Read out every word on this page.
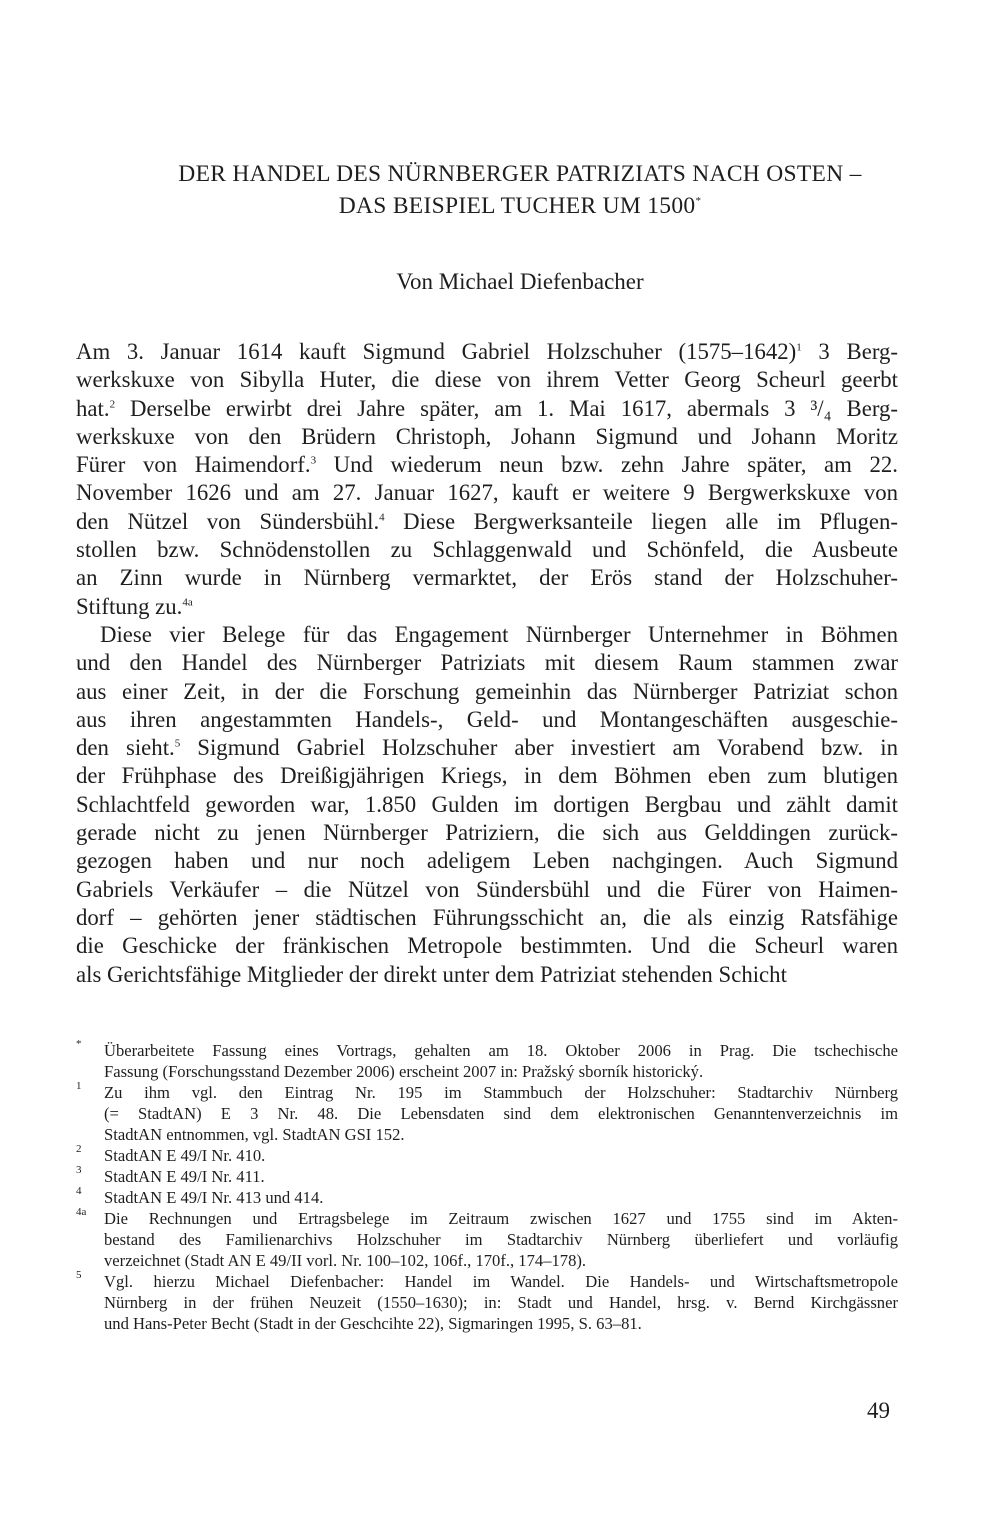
DER HANDEL DES NÜRNBERGER PATRIZIATS NACH OSTEN –
DAS BEISPIEL TUCHER UM 1500*
Von Michael Diefenbacher
Am 3. Januar 1614 kauft Sigmund Gabriel Holzschuher (1575–1642)$^1$ 3 Berg-
werkskuxe von Sibylla Huter, die diese von ihrem Vetter Georg Scheurl geerbt
hat.$^2$ Derselbe erwirbt drei Jahre später, am 1. Mai 1617, abermals 3 ³/₄ Berg-
werkskuxe von den Brüdern Christoph, Johann Sigmund und Johann Moritz
Fürer von Haimendorf.$^3$ Und wiederum neun bzw. zehn Jahre später, am 22.
November 1626 und am 27. Januar 1627, kauft er weitere 9 Bergwerkskuxe von
den Nützel von Sündersbühl.$^4$ Diese Bergwerksanteile liegen alle im Pflugen-
stollen bzw. Schnödenstollen zu Schlaggenwald und Schönfeld, die Ausbeute
an Zinn wurde in Nürnberg vermarktet, der Erös stand der Holzschuher-
Stiftung zu.$^{4a}$
Diese vier Belege für das Engagement Nürnberger Unternehmer in Böhmen
und den Handel des Nürnberger Patriziats mit diesem Raum stammen zwar
aus einer Zeit, in der die Forschung gemeinhin das Nürnberger Patriziat schon
aus ihren angestammten Handels-, Geld- und Montangeschäften ausgeschie-
den sieht.$^5$ Sigmund Gabriel Holzschuher aber investiert am Vorabend bzw. in
der Frühphase des Dreißigjährigen Kriegs, in dem Böhmen eben zum blutigen
Schlachtfeld geworden war, 1.850 Gulden im dortigen Bergbau und zählt damit
gerade nicht zu jenen Nürnberger Patriziern, die sich aus Gelddingen zurück-
gezogen haben und nur noch adeligem Leben nachgingen. Auch Sigmund
Gabriels Verkäufer – die Nützel von Sündersbühl und die Fürer von Haimen-
dorf – gehörten jener städtischen Führungsschicht an, die als einzig Ratsfähige
die Geschicke der fränkischen Metropole bestimmten. Und die Scheurl waren
als Gerichtsfähige Mitglieder der direkt unter dem Patriziat stehenden Schicht
* Überarbeitete Fassung eines Vortrags, gehalten am 18. Oktober 2006 in Prag. Die tschechische
Fassung (Forschungsstand Dezember 2006) erscheint 2007 in: Pražský sborník historický.
1 Zu ihm vgl. den Eintrag Nr. 195 im Stammbuch der Holzschuher: Stadtarchiv Nürnberg
(= StadtAN) E 3 Nr. 48. Die Lebensdaten sind dem elektronischen Genanntenverzeichnis im
StadtAN entnommen, vgl. StadtAN GSI 152.
2 StadtAN E 49/I Nr. 410.
3 StadtAN E 49/I Nr. 411.
4 StadtAN E 49/I Nr. 413 und 414.
4a Die Rechnungen und Ertragsbelege im Zeitraum zwischen 1627 und 1755 sind im Akten-
bestand des Familienarchivs Holzschuher im Stadtarchiv Nürnberg überliefert und vorläufig
verzeichnet (Stadt AN E 49/II vorl. Nr. 100–102, 106f., 170f., 174–178).
5 Vgl. hierzu Michael Diefenbacher: Handel im Wandel. Die Handels- und Wirtschaftsmetropole
Nürnberg in der frühen Neuzeit (1550–1630); in: Stadt und Handel, hrsg. v. Bernd Kirchgässner
und Hans-Peter Becht (Stadt in der Geschcihte 22), Sigmaringen 1995, S. 63–81.
49
